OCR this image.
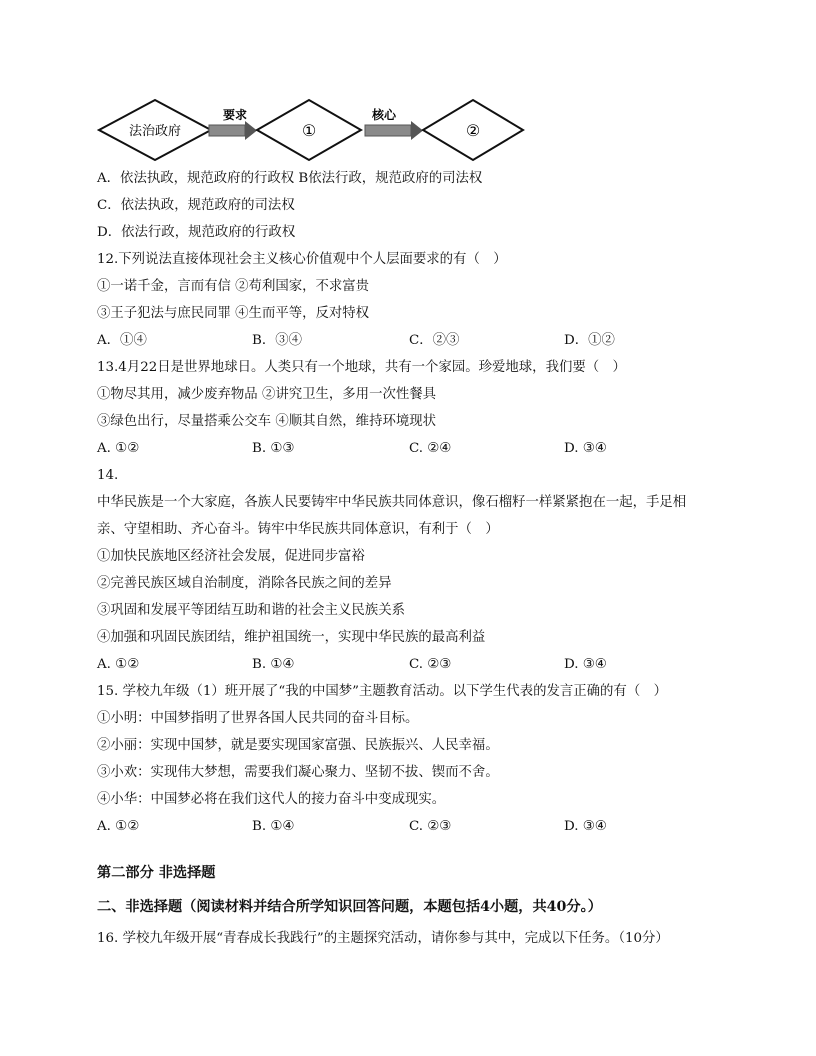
法治政府
要求
①
核心
②
A．依法执政，规范政府的行政权 B依法行政，规范政府的司法权
C．依法执政，规范政府的司法权
D．依法行政，规范政府的行政权
12.下列说法直接体现社会主义核心价值观中个人层面要求的有（　）
①一诺千金，言而有信 ②苟利国家，不求富贵
③王子犯法与庶民同罪 ④生而平等，反对特权
A．①④	B．③④	C．②③	D．①②
13.4月22日是世界地球日。人类只有一个地球，共有一个家园。珍爱地球，我们要（　）
①物尽其用，减少废弃物品 ②讲究卫生，多用一次性餐具
③绿色出行，尽量搭乘公交车 ④顺其自然，维持环境现状
A. ①②	B. ①③	C. ②④	D. ③④
14.
中华民族是一个大家庭，各族人民要铸牢中华民族共同体意识，像石榴籽一样紧紧抱在一起，手足相
亲、守望相助、齐心奋斗。铸牢中华民族共同体意识，有利于（　）
①加快民族地区经济社会发展，促进同步富裕
②完善民族区域自治制度，消除各民族之间的差异
③巩固和发展平等团结互助和谐的社会主义民族关系
④加强和巩固民族团结，维护祖国统一，实现中华民族的最高利益
A. ①②	B. ①④	C. ②③	D. ③④
15. 学校九年级（1）班开展了“我的中国梦”主题教育活动。以下学生代表的发言正确的有（　）
①小明：中国梦指明了世界各国人民共同的奋斗目标。
②小丽：实现中国梦，就是要实现国家富强、民族振兴、人民幸福。
③小欢：实现伟大梦想，需要我们凝心聚力、坚韧不拔、锲而不舍。
④小华：中国梦必将在我们这代人的接力奋斗中变成现实。
A. ①②	B. ①④	C. ②③	D. ③④
第二部分 非选择题
二、非选择题（阅读材料并结合所学知识回答问题，本题包括4小题，共40分。）
16. 学校九年级开展“青春成长我践行”的主题探究活动，请你参与其中，完成以下任务。（10分）
